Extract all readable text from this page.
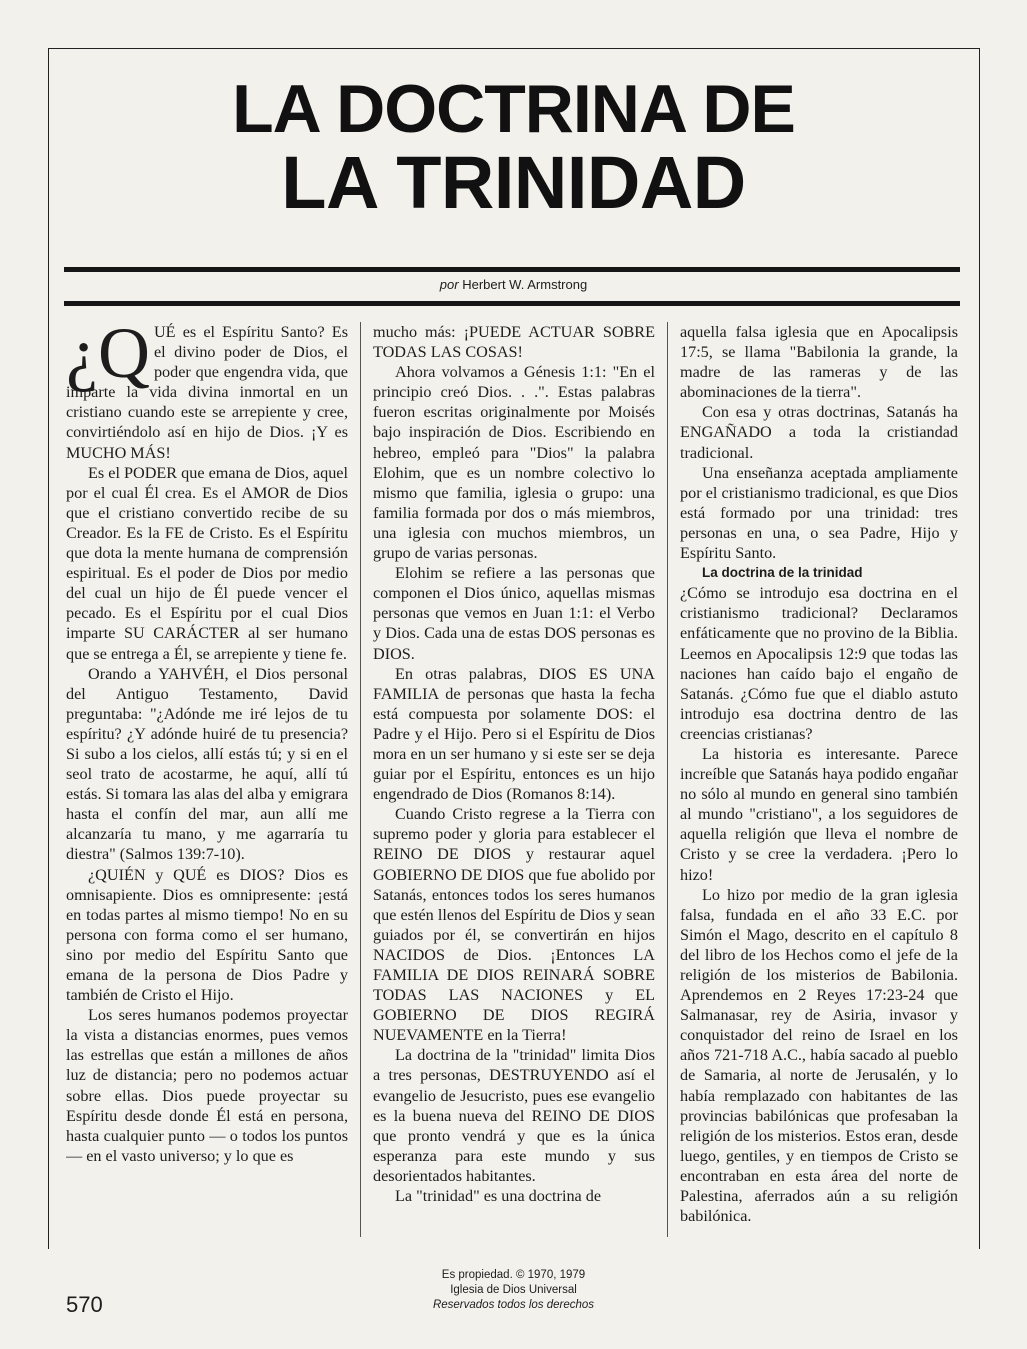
LA DOCTRINA DE
LA TRINIDAD
por Herbert W. Armstrong

¿Q UÉ es el Espíritu Santo? Es el divino poder de Dios, el poder que engendra vida, que imparte la vida divina inmortal en un cristiano cuando este se arrepiente y cree, convirtiéndolo así en hijo de Dios. ¡Y es MUCHO MÁS!

Es el PODER que emana de Dios, aquel por el cual Él crea. Es el AMOR de Dios que el cristiano convertido recibe de su Creador. Es la FE de Cristo. Es el Espíritu que dota la mente humana de comprensión espiritual. Es el poder de Dios por medio del cual un hijo de Él puede vencer el pecado. Es el Espíritu por el cual Dios imparte SU CARÁCTER al ser humano que se entrega a Él, se arrepiente y tiene fe.

Orando a YAHVÉH, el Dios personal del Antiguo Testamento, David preguntaba: "¿Adónde me iré lejos de tu espíritu? ¿Y adónde huiré de tu presencia? Si subo a los cielos, allí estás tú; y si en el seol trato de acostarme, he aquí, allí tú estás. Si tomara las alas del alba y emigrara hasta el confín del mar, aun allí me alcanzaría tu mano, y me agarraría tu diestra" (Salmos 139:7-10).

¿QUIÉN y QUÉ es DIOS? Dios es omnisapiente. Dios es omnipresente: ¡está en todas partes al mismo tiempo! No en su persona con forma como el ser humano, sino por medio del Espíritu Santo que emana de la persona de Dios Padre y también de Cristo el Hijo.

Los seres humanos podemos proyectar la vista a distancias enormes, pues vemos las estrellas que están a millones de años luz de distancia; pero no podemos actuar sobre ellas. Dios puede proyectar su Espíritu desde donde Él está en persona, hasta cualquier punto — o todos los puntos — en el vasto universo; y lo que es

mucho más: ¡PUEDE ACTUAR SOBRE TODAS LAS COSAS!

Ahora volvamos a Génesis 1:1: "En el principio creó Dios. . .". Estas palabras fueron escritas originalmente por Moisés bajo inspiración de Dios. Escribiendo en hebreo, empleó para "Dios" la palabra Elohim, que es un nombre colectivo lo mismo que familia, iglesia o grupo: una familia formada por dos o más miembros, una iglesia con muchos miembros, un grupo de varias personas.

Elohim se refiere a las personas que componen el Dios único, aquellas mismas personas que vemos en Juan 1:1: el Verbo y Dios. Cada una de estas DOS personas es DIOS.

En otras palabras, DIOS ES UNA FAMILIA de personas que hasta la fecha está compuesta por solamente DOS: el Padre y el Hijo. Pero si el Espíritu de Dios mora en un ser humano y si este ser se deja guiar por el Espíritu, entonces es un hijo engendrado de Dios (Romanos 8:14).

Cuando Cristo regrese a la Tierra con supremo poder y gloria para establecer el REINO DE DIOS y restaurar aquel GOBIERNO DE DIOS que fue abolido por Satanás, entonces todos los seres humanos que estén llenos del Espíritu de Dios y sean guiados por él, se convertirán en hijos NACIDOS de Dios. ¡Entonces LA FAMILIA DE DIOS REINARÁ SOBRE TODAS LAS NACIONES y EL GOBIERNO DE DIOS REGIRÁ NUEVAMENTE en la Tierra!

La doctrina de la "trinidad" limita Dios a tres personas, DESTRUYENDO así el evangelio de Jesucristo, pues ese evangelio es la buena nueva del REINO DE DIOS que pronto vendrá y que es la única esperanza para este mundo y sus desorientados habitantes.

La "trinidad" es una doctrina de

aquella falsa iglesia que en Apocalipsis 17:5, se llama "Babilonia la grande, la madre de las rameras y de las abominaciones de la tierra".

Con esa y otras doctrinas, Satanás ha ENGAÑADO a toda la cristiandad tradicional.

Una enseñanza aceptada ampliamente por el cristianismo tradicional, es que Dios está formado por una trinidad: tres personas en una, o sea Padre, Hijo y Espíritu Santo.

La doctrina de la trinidad

¿Cómo se introdujo esa doctrina en el cristianismo tradicional? Declaramos enfáticamente que no provino de la Biblia. Leemos en Apocalipsis 12:9 que todas las naciones han caído bajo el engaño de Satanás. ¿Cómo fue que el diablo astuto introdujo esa doctrina dentro de las creencias cristianas?

La historia es interesante. Parece increíble que Satanás haya podido engañar no sólo al mundo en general sino también al mundo "cristiano", a los seguidores de aquella religión que lleva el nombre de Cristo y se cree la verdadera. ¡Pero lo hizo!

Lo hizo por medio de la gran iglesia falsa, fundada en el año 33 E.C. por Simón el Mago, descrito en el capítulo 8 del libro de los Hechos como el jefe de la religión de los misterios de Babilonia. Aprendemos en 2 Reyes 17:23-24 que Salmanasar, rey de Asiria, invasor y conquistador del reino de Israel en los años 721-718 A.C., había sacado al pueblo de Samaria, al norte de Jerusalén, y lo había remplazado con habitantes de las provincias babilónicas que profesaban la religión de los misterios. Estos eran, desde luego, gentiles, y en tiempos de Cristo se encontraban en esta área del norte de Palestina, aferrados aún a su religión babilónica.

Es propiedad. © 1970, 1979
Iglesia de Dios Universal
Reservados todos los derechos
570
